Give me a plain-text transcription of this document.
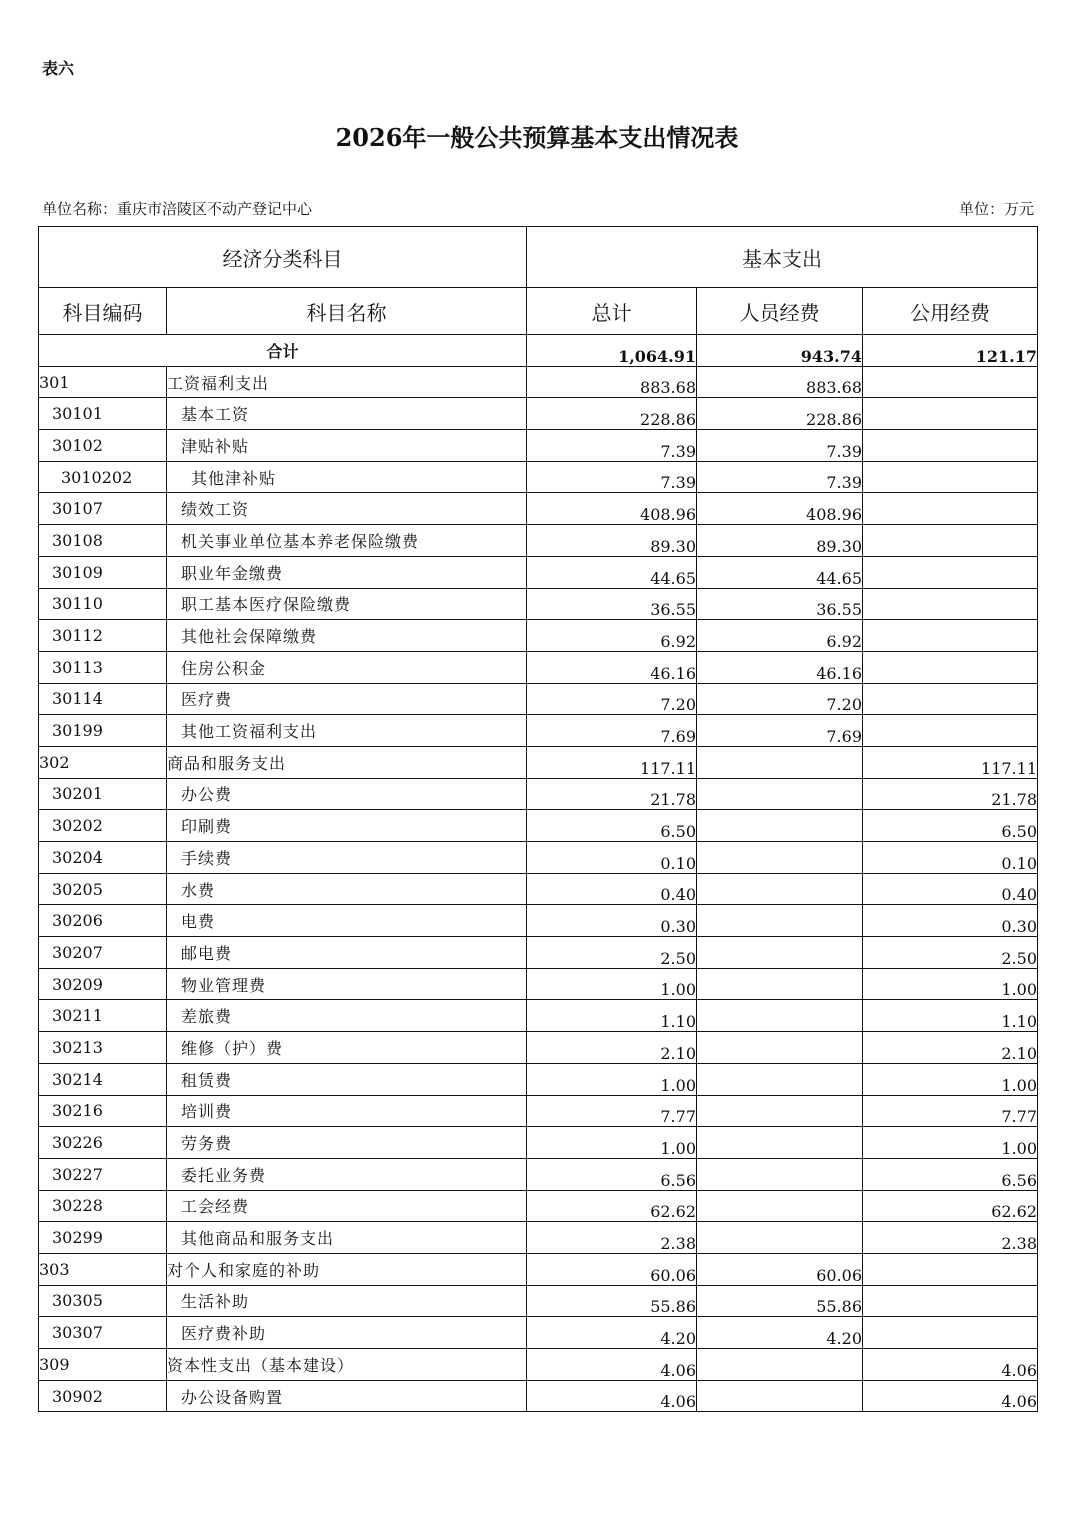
表六
2026年一般公共预算基本支出情况表
单位名称：重庆市涪陵区不动产登记中心	单位：万元
经济分类科目		基本支出		
科目编码	科目名称	总计	人员经费	公用经费
合计		1,064.91	943.74	121.17
301	工资福利支出	883.68	883.68	
30101	基本工资	228.86	228.86	
30102	津贴补贴	7.39	7.39	
3010202	其他津补贴	7.39	7.39	
30107	绩效工资	408.96	408.96	
30108	机关事业单位基本养老保险缴费	89.30	89.30	
30109	职业年金缴费	44.65	44.65	
30110	职工基本医疗保险缴费	36.55	36.55	
30112	其他社会保障缴费	6.92	6.92	
30113	住房公积金	46.16	46.16	
30114	医疗费	7.20	7.20	
30199	其他工资福利支出	7.69	7.69	
302	商品和服务支出	117.11		117.11
30201	办公费	21.78		21.78
30202	印刷费	6.50		6.50
30204	手续费	0.10		0.10
30205	水费	0.40		0.40
30206	电费	0.30		0.30
30207	邮电费	2.50		2.50
30209	物业管理费	1.00		1.00
30211	差旅费	1.10		1.10
30213	维修（护）费	2.10		2.10
30214	租赁费	1.00		1.00
30216	培训费	7.77		7.77
30226	劳务费	1.00		1.00
30227	委托业务费	6.56		6.56
30228	工会经费	62.62		62.62
30299	其他商品和服务支出	2.38		2.38
303	对个人和家庭的补助	60.06	60.06	
30305	生活补助	55.86	55.86	
30307	医疗费补助	4.20	4.20	
309	资本性支出（基本建设）	4.06		4.06
30902	办公设备购置	4.06		4.06
